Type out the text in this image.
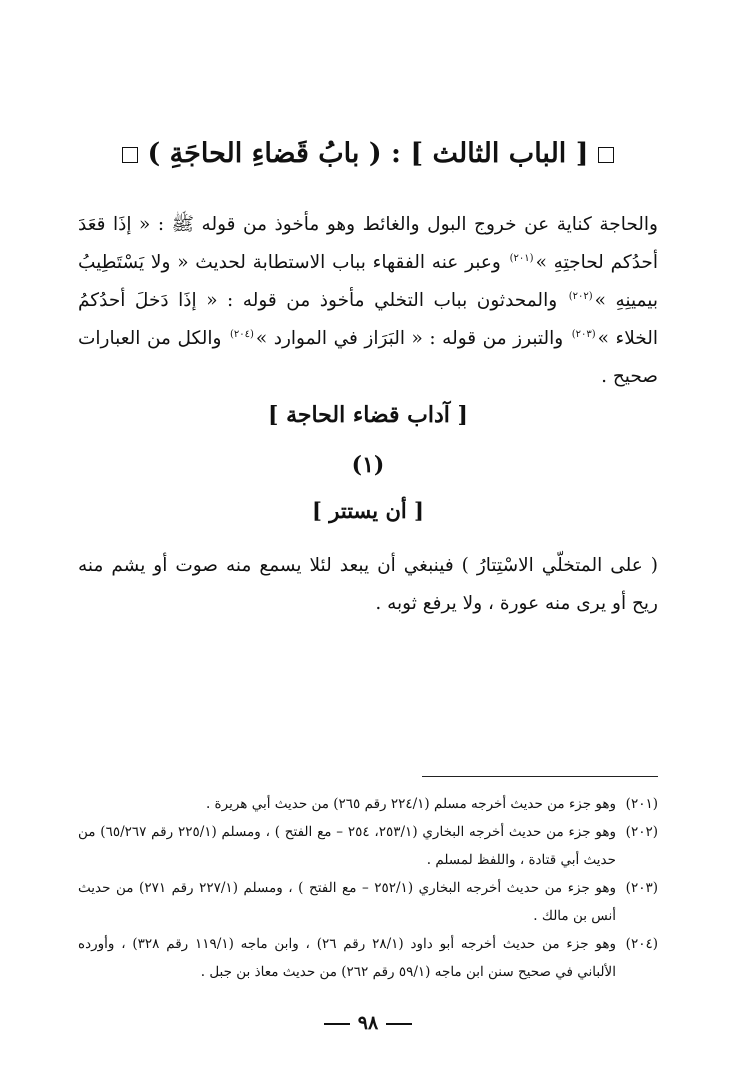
[ الباب الثالث ] : ( بابُ قَضاءِ الحاجَةِ )

والحاجة كناية عن خروج البول والغائط وهو مأخوذ من قوله ﷺ : « إذَا قعَدَ أحدُكم لحاجتِهِ »$^{(٢٠١)}$ وعبر عنه الفقهاء بباب الاستطابة لحديث « ولا يَسْتَطِيبُ بيمينِهِ »$^{(٢٠٢)}$ والمحدثون بباب التخلي مأخوذ من قوله : « إذَا دَخلَ أحدُكمُ الخلاء »$^{(٢٠٣)}$ والتبرز من قوله : « البَرَاز في الموارد »$^{(٢٠٤)}$ والكل من العبارات صحيح .

[ آداب قضاء الحاجة ]
(١)
[ أن يستتر ]

( على المتخلّي الاسْتِتارُ ) فينبغي أن يبعد لئلا يسمع منه صوت أو يشم منه ريح أو يرى منه عورة ، ولا يرفع ثوبه .

(٢٠١)
وهو جزء من حديث أخرجه مسلم (٢٢٤/١ رقم ٢٦٥) من حديث أبي هريرة .
(٢٠٢)
وهو جزء من حديث أخرجه البخاري (٢٥٣/١، ٢٥٤ – مع الفتح ) ، ومسلم (٢٢٥/١ رقم ٦٥/٢٦٧) من حديث أبي قتادة ، واللفظ لمسلم .
(٢٠٣)
وهو جزء من حديث أخرجه البخاري (٢٥٢/١ – مع الفتح ) ، ومسلم (٢٢٧/١ رقم ٢٧١) من حديث أنس بن مالك .
(٢٠٤)
وهو جزء من حديث أخرجه أبو داود (٢٨/١ رقم ٢٦) ، وابن ماجه (١١٩/١ رقم ٣٢٨) ، وأورده الألباني في صحيح سنن ابن ماجه (٥٩/١ رقم ٢٦٢) من حديث معاذ بن جبل .
٩٨
